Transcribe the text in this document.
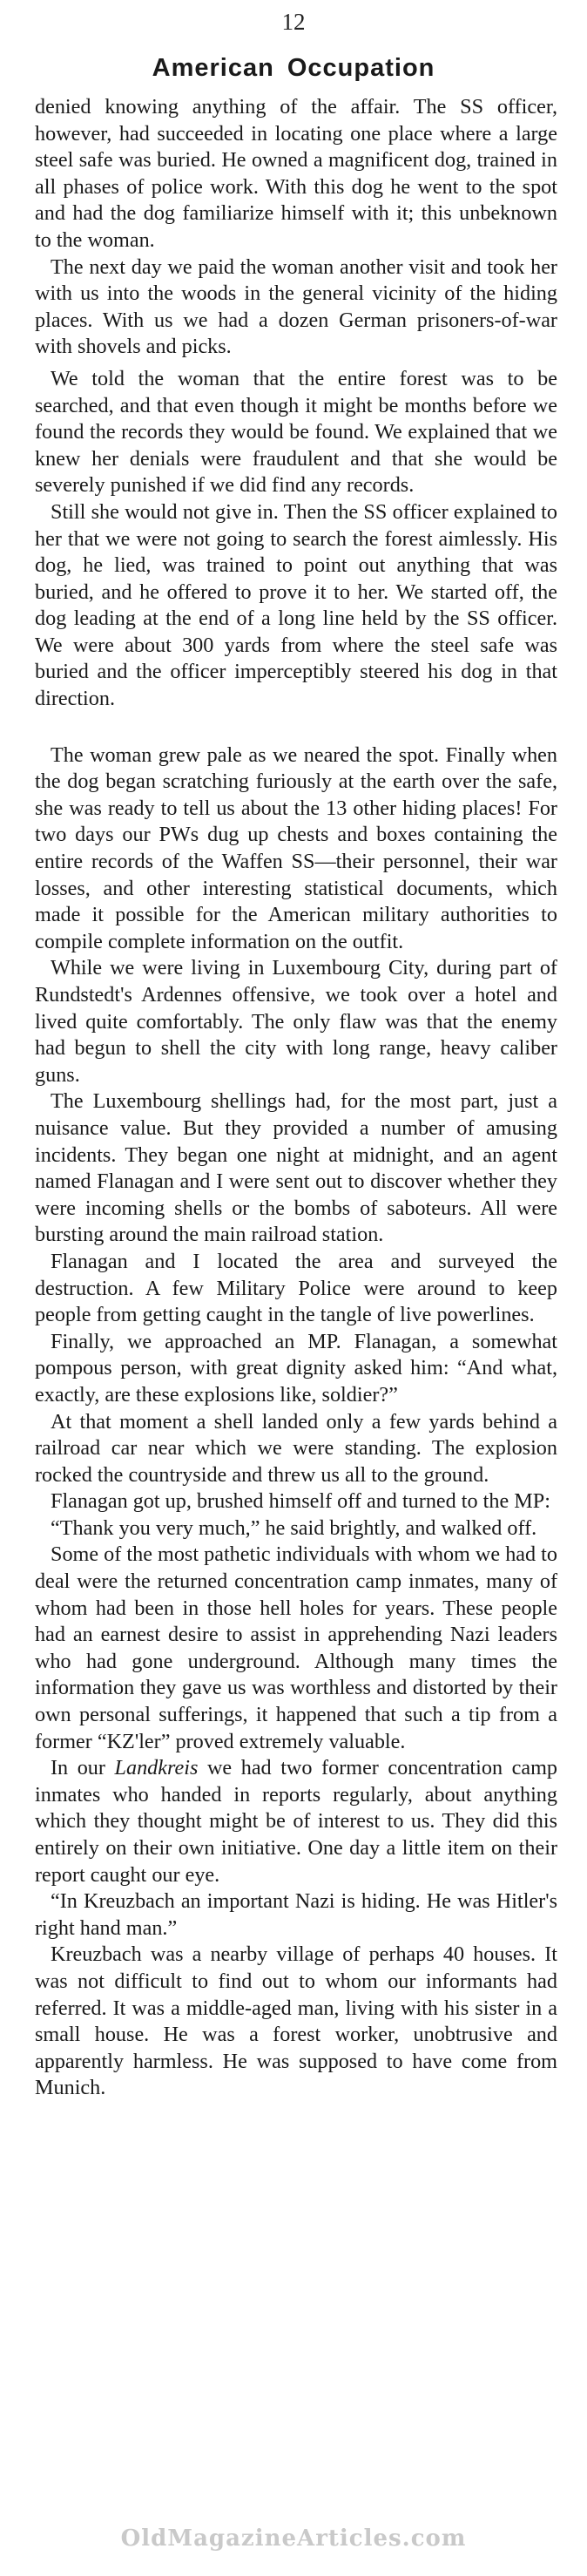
12
American Occupation

denied knowing anything of the affair. The SS officer, however, had succeeded in locating one place where a large steel safe was buried. He owned a magnificent dog, trained in all phases of police work. With this dog he went to the spot and had the dog familiarize himself with it; this unbeknown to the woman.

The next day we paid the woman another visit and took her with us into the woods in the general vicinity of the hiding places. With us we had a dozen German prisoners-of-war with shovels and picks.

We told the woman that the entire forest was to be searched, and that even though it might be months before we found the records they would be found. We explained that we knew her denials were fraudulent and that she would be severely punished if we did find any records.

Still she would not give in. Then the SS officer explained to her that we were not going to search the forest aimlessly. His dog, he lied, was trained to point out anything that was buried, and he offered to prove it to her. We started off, the dog leading at the end of a long line held by the SS officer. We were about 300 yards from where the steel safe was buried and the officer imperceptibly steered his dog in that direction.

The woman grew pale as we neared the spot. Finally when the dog began scratching furiously at the earth over the safe, she was ready to tell us about the 13 other hiding places! For two days our PWs dug up chests and boxes containing the entire records of the Waffen SS—their personnel, their war losses, and other interesting statistical documents, which made it possible for the American military authorities to compile complete information on the outfit.

While we were living in Luxembourg City, during part of Rundstedt's Ardennes offensive, we took over a hotel and lived quite comfortably. The only flaw was that the enemy had begun to shell the city with long range, heavy caliber guns.

The Luxembourg shellings had, for the most part, just a nuisance value. But they provided a number of amusing incidents. They began one night at midnight, and an agent named Flanagan and I were sent out to discover whether they were incoming shells or the bombs of saboteurs. All were bursting around the main railroad station.

Flanagan and I located the area and surveyed the destruction. A few Military Police were around to keep people from getting caught in the tangle of live powerlines.

Finally, we approached an MP. Flanagan, a somewhat pompous person, with great dignity asked him: “And what, exactly, are these explosions like, soldier?”

At that moment a shell landed only a few yards behind a railroad car near which we were standing. The explosion rocked the countryside and threw us all to the ground.

Flanagan got up, brushed himself off and turned to the MP:

“Thank you very much,” he said brightly, and walked off.

Some of the most pathetic individuals with whom we had to deal were the returned concentration camp inmates, many of whom had been in those hell holes for years. These people had an earnest desire to assist in apprehending Nazi leaders who had gone underground. Although many times the information they gave us was worthless and distorted by their own personal sufferings, it happened that such a tip from a former “KZ'ler” proved extremely valuable.

In our Landkreis we had two former concentration camp inmates who handed in reports regularly, about anything which they thought might be of interest to us. They did this entirely on their own initiative. One day a little item on their report caught our eye.

“In Kreuzbach an important Nazi is hiding. He was Hitler's right hand man.”

Kreuzbach was a nearby village of perhaps 40 houses. It was not difficult to find out to whom our informants had referred. It was a middle-aged man, living with his sister in a small house. He was a forest worker, unobtrusive and apparently harmless. He was supposed to have come from Munich.

OldMagazineArticles.com
